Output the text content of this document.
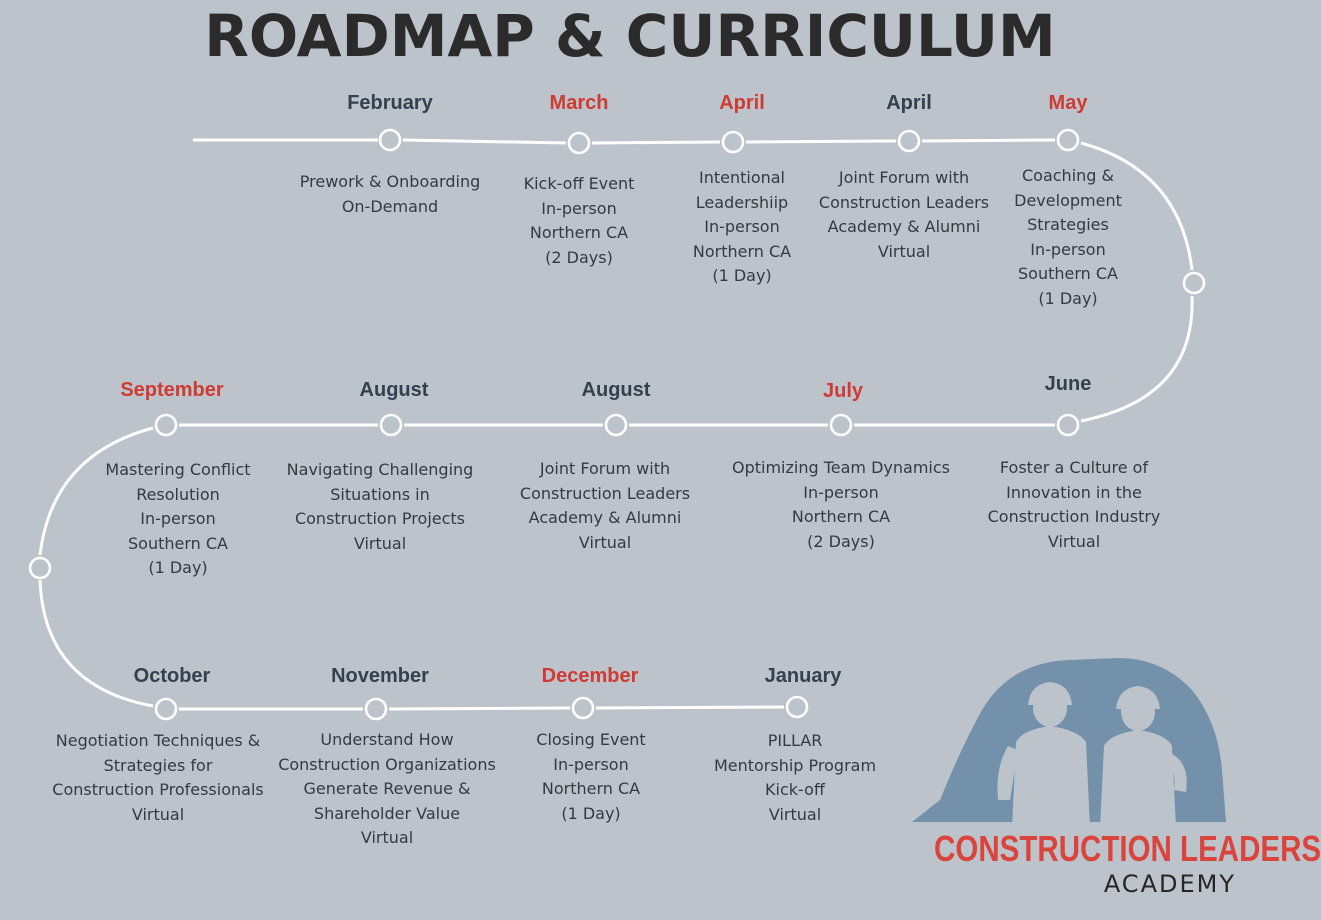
ROADMAP & CURRICULUM
February
Prework & Onboarding
On-Demand
March
Kick-off Event
In-person
Northern CA
(2 Days)
April
Intentional
Leadershiip
In-person
Northern CA
(1 Day)
April
Joint Forum with
Construction Leaders
Academy & Alumni
Virtual
May
Coaching &
Development
Strategies
In-person
Southern CA
(1 Day)
September
Mastering Conflict
Resolution
In-person
Southern CA
(1 Day)
August
Navigating Challenging
Situations in
Construction Projects
Virtual
August
Joint Forum with
Construction Leaders
Academy & Alumni
Virtual
July
Optimizing Team Dynamics
In-person
Northern CA
(2 Days)
June
Foster a Culture of
Innovation in the
Construction Industry
Virtual
October
Negotiation Techniques &
Strategies for
Construction Professionals
Virtual
November
Understand How
Construction Organizations
Generate Revenue &
Shareholder Value
Virtual
December
Closing Event
In-person
Northern CA
(1 Day)
January
PILLAR
Mentorship Program
Kick-off
Virtual
CONSTRUCTION LEADERS
ACADEMY
